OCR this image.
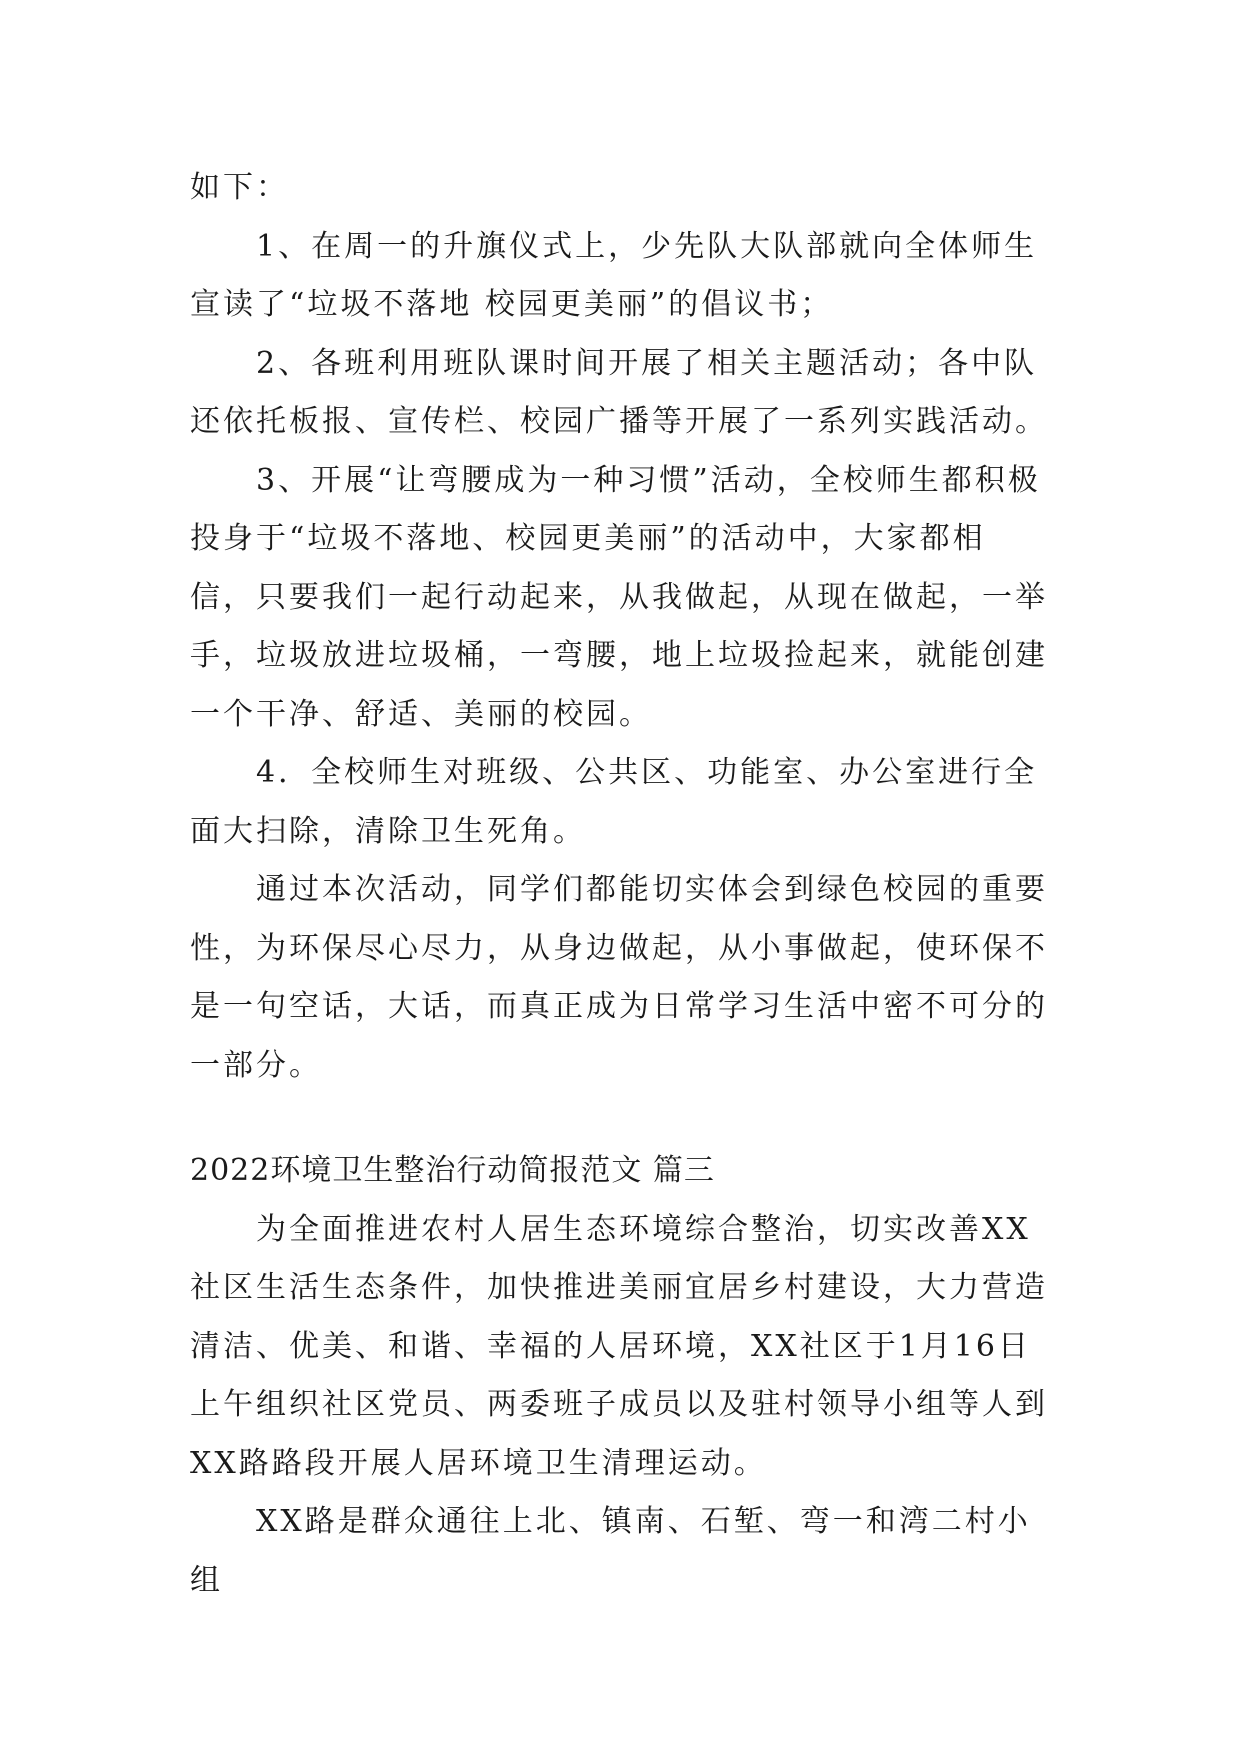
如下：

1、在周一的升旗仪式上，少先队大队部就向全体师生宣读了“垃圾不落地 校园更美丽”的倡议书；

2、各班利用班队课时间开展了相关主题活动；各中队还依托板报、宣传栏、校园广播等开展了一系列实践活动。

3、开展“让弯腰成为一种习惯”活动，全校师生都积极投身于“垃圾不落地、校园更美丽”的活动中，大家都相信，只要我们一起行动起来，从我做起，从现在做起，一举手，垃圾放进垃圾桶，一弯腰，地上垃圾捡起来，就能创建一个干净、舒适、美丽的校园。

4．全校师生对班级、公共区、功能室、办公室进行全面大扫除，清除卫生死角。

通过本次活动，同学们都能切实体会到绿色校园的重要性，为环保尽心尽力，从身边做起，从小事做起，使环保不是一句空话，大话，而真正成为日常学习生活中密不可分的一部分。

2022环境卫生整治行动简报范文 篇三

为全面推进农村人居生态环境综合整治，切实改善XX社区生活生态条件，加快推进美丽宜居乡村建设，大力营造清洁、优美、和谐、幸福的人居环境，XX社区于1月16日上午组织社区党员、两委班子成员以及驻村领导小组等人到XX路路段开展人居环境卫生清理运动。

XX路是群众通往上北、镇南、石堑、弯一和湾二村小组
